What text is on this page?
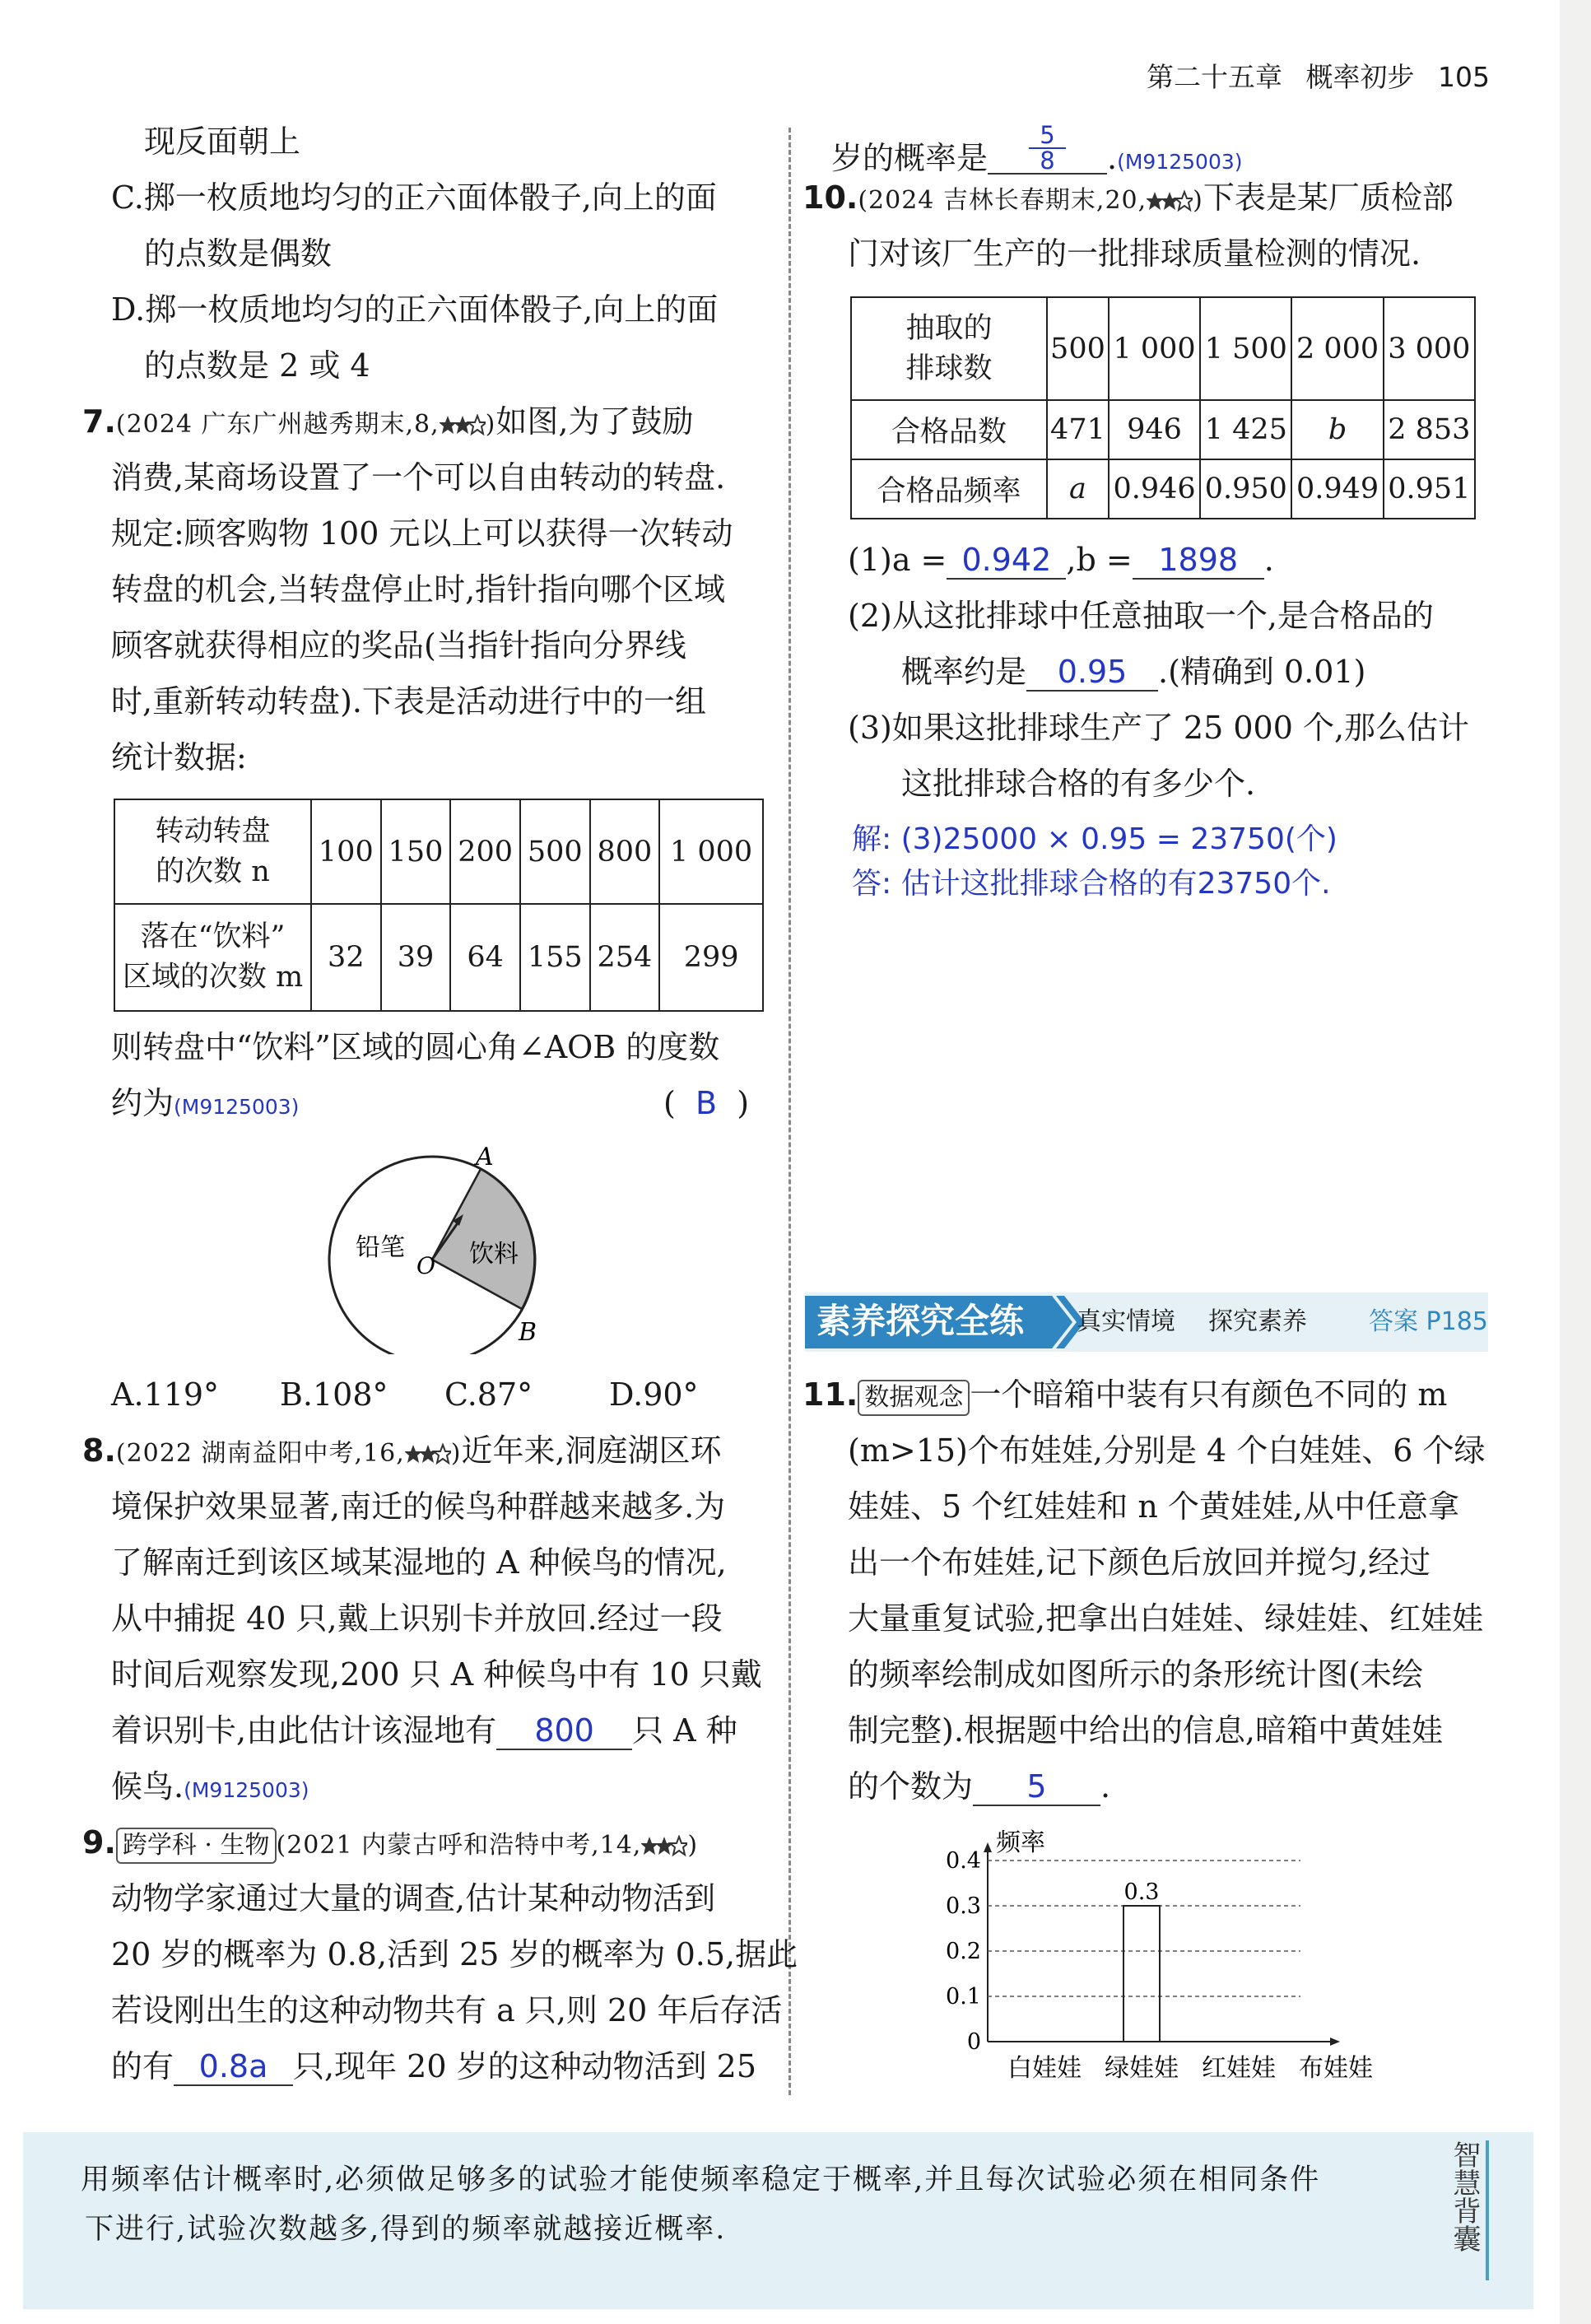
第二十五章 概率初步 105
现反面朝上
C.掷一枚质地均匀的正六面体骰子,向上的面
的点数是偶数
D.掷一枚质地均匀的正六面体骰子,向上的面
的点数是 2 或 4
7.(2024 广东广州越秀期末,8, )如图,为了鼓励
消费,某商场设置了一个可以自由转动的转盘.
规定:顾客购物 100 元以上可以获得一次转动
转盘的机会,当转盘停止时,指针指向哪个区域
顾客就获得相应的奖品(当指针指向分界线
时,重新转动转盘).下表是活动进行中的一组
统计数据:
转动转盘
的次数 n	100	150	200	500	800	1 000
落在“饮料”
区域的次数 m	32	39	64	155	254	299
则转盘中“饮料”区域的圆心角∠AOB 的度数
约为(M9125003)	( B )
A
B
O
铅笔	饮料
A.119° B.108° C.87° D.90°
8.(2022 湖南益阳中考,16, )近年来,洞庭湖区环
境保护效果显著,南迁的候鸟种群越来越多.为
了解南迁到该区域某湿地的 A 种候鸟的情况,
从中捕捉 40 只,戴上识别卡并放回.经过一段
时间后观察发现,200 只 A 种候鸟中有 10 只戴
着识别卡,由此估计该湿地有 800 只 A 种
候鸟.(M9125003)
9. 跨学科 · 生物 (2021 内蒙古呼和浩特中考,14, )
动物学家通过大量的调查,估计某种动物活到
20 岁的概率为 0.8,活到 25 岁的概率为 0.5,据此
若设刚出生的这种动物共有 a 只,则 20 年后存活
的有 0.8a 只,现年 20 岁的这种动物活到 25
岁的概率是 $\frac{5}{8} .(M9125003)$
10.(2024 吉林长春期末,20, )下表是某厂质检部
门对该厂生产的一批排球质量检测的情况.
抽取的
排球数	500	1 000	1 500	2 000	3 000
合格品数	471	946	1 425	b	2 853
合格品频率	a	0.946	0.950	0.949	0.951
(1)a = 0.942 ,b = 1898 .
(2)从这批排球中任意抽取一个,是合格品的
概率约是 0.95 .(精确到 0.01)
(3)如果这批排球生产了 25 000 个,那么估计
这批排球合格的有多少个.
解: (3)25000 × 0.95 = 23750(个)
答: 估计这批排球合格的有23750个.
素养探究全练 真实情境 探究素养	答案 P185
11. 数据观念 一个暗箱中装有只有颜色不同的 m
(m>15)个布娃娃,分别是 4 个白娃娃、6 个绿
娃娃、5 个红娃娃和 n 个黄娃娃,从中任意拿
出一个布娃娃,记下颜色后放回并搅匀,经过
大量重复试验,把拿出白娃娃、绿娃娃、红娃娃
的频率绘制成如图所示的条形统计图(未绘
制完整).根据题中给出的信息,暗箱中黄娃娃
的个数为 5 .
频率
0
0.1
0.2
0.3
0.4
白娃娃 绿娃娃
0.3
红娃娃 布娃娃
用频率估计概率时,必须做足够多的试验才能使频率稳定于概率,并且每次试验必须在相同条件
下进行,试验次数越多,得到的频率就越接近概率.	智慧背囊
